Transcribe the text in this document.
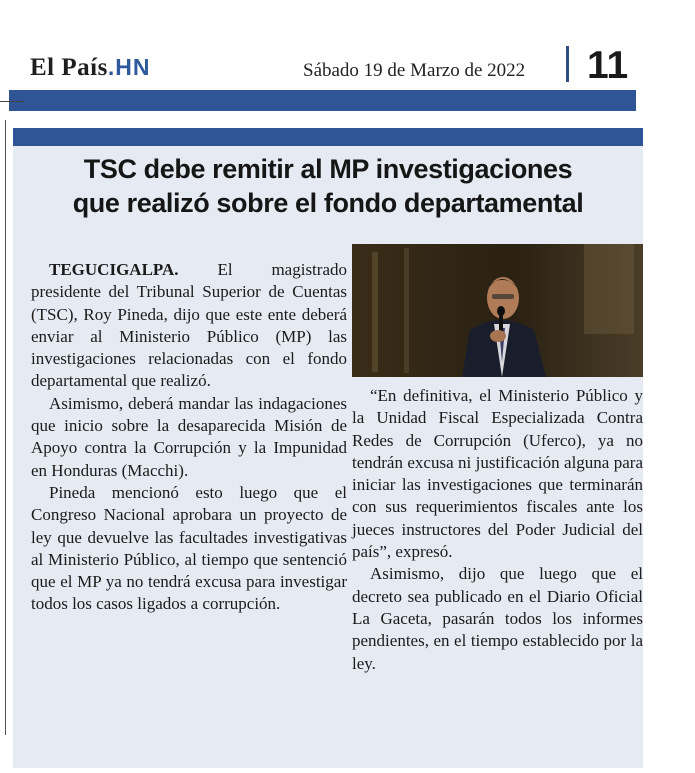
El País.HN	Sábado 19 de Marzo de 2022 11
TSC debe remitir al MP investigaciones
que realizó sobre el fondo departamental

TEGUCIGALPA. El magistrado presidente del Tribunal Superior de Cuentas (TSC), Roy Pineda, dijo que este ente deberá enviar al Ministerio Público (MP) las investigaciones relacionadas con el fondo departamental que realizó.

Asimismo, deberá mandar las indagaciones que inicio sobre la desaparecida Misión de Apoyo contra la Corrupción y la Impunidad en Honduras (Macchi).

Pineda mencionó esto luego que el Congreso Nacional aprobara un proyecto de ley que devuelve las facultades investigativas al Ministerio Público, al tiempo que sentenció que el MP ya no tendrá excusa para investigar todos los casos ligados a corrupción.

“En definitiva, el Ministerio Público y la Unidad Fiscal Especializada Contra Redes de Corrupción (Uferco), ya no tendrán excusa ni justificación alguna para iniciar las investigaciones que terminarán con sus requerimientos fiscales ante los jueces instructores del Poder Judicial del país”, expresó.

Asimismo, dijo que luego que el decreto sea publicado en el Diario Oficial La Gaceta, pasarán todos los informes pendientes, en el tiempo establecido por la ley.
